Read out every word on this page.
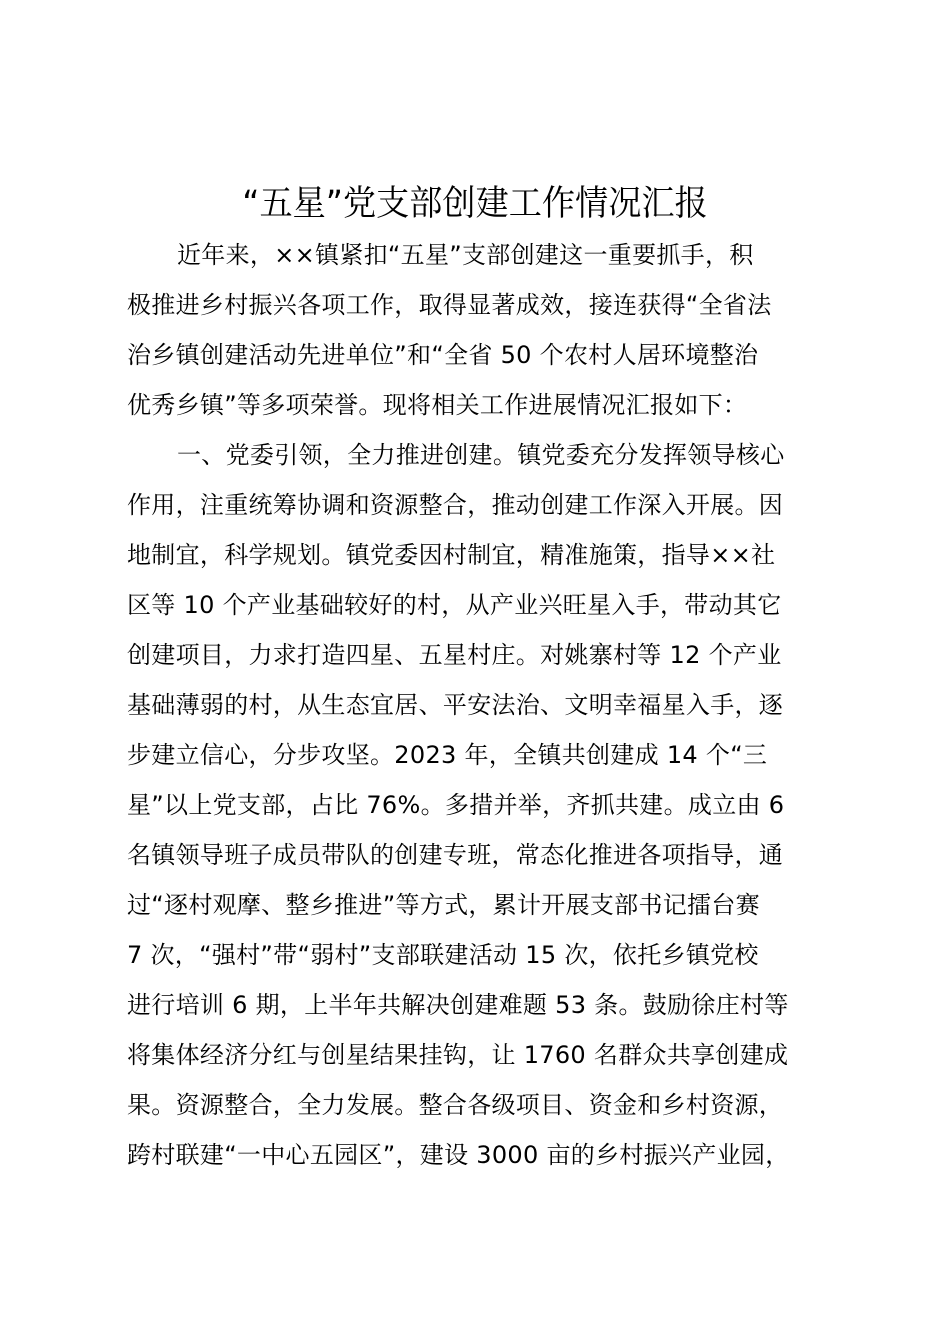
“五星”党支部创建工作情况汇报
近年来，××镇紧扣“五星”支部创建这一重要抓手，积
极推进乡村振兴各项工作，取得显著成效，接连获得“全省法
治乡镇创建活动先进单位”和“全省 50 个农村人居环境整治
优秀乡镇”等多项荣誉。现将相关工作进展情况汇报如下：
一、党委引领，全力推进创建。镇党委充分发挥领导核心
作用，注重统筹协调和资源整合，推动创建工作深入开展。因
地制宜，科学规划。镇党委因村制宜，精准施策，指导××社
区等 10 个产业基础较好的村，从产业兴旺星入手，带动其它
创建项目，力求打造四星、五星村庄。对姚寨村等 12 个产业
基础薄弱的村，从生态宜居、平安法治、文明幸福星入手，逐
步建立信心，分步攻坚。2023 年，全镇共创建成 14 个“三
星”以上党支部，占比 76%。多措并举，齐抓共建。成立由 6
名镇领导班子成员带队的创建专班，常态化推进各项指导，通
过“逐村观摩、整乡推进”等方式，累计开展支部书记擂台赛
7 次，“强村”带“弱村”支部联建活动 15 次，依托乡镇党校
进行培训 6 期，上半年共解决创建难题 53 条。鼓励徐庄村等
将集体经济分红与创星结果挂钩，让 1760 名群众共享创建成
果。资源整合，全力发展。整合各级项目、资金和乡村资源，
跨村联建“一中心五园区”，建设 3000 亩的乡村振兴产业园，
